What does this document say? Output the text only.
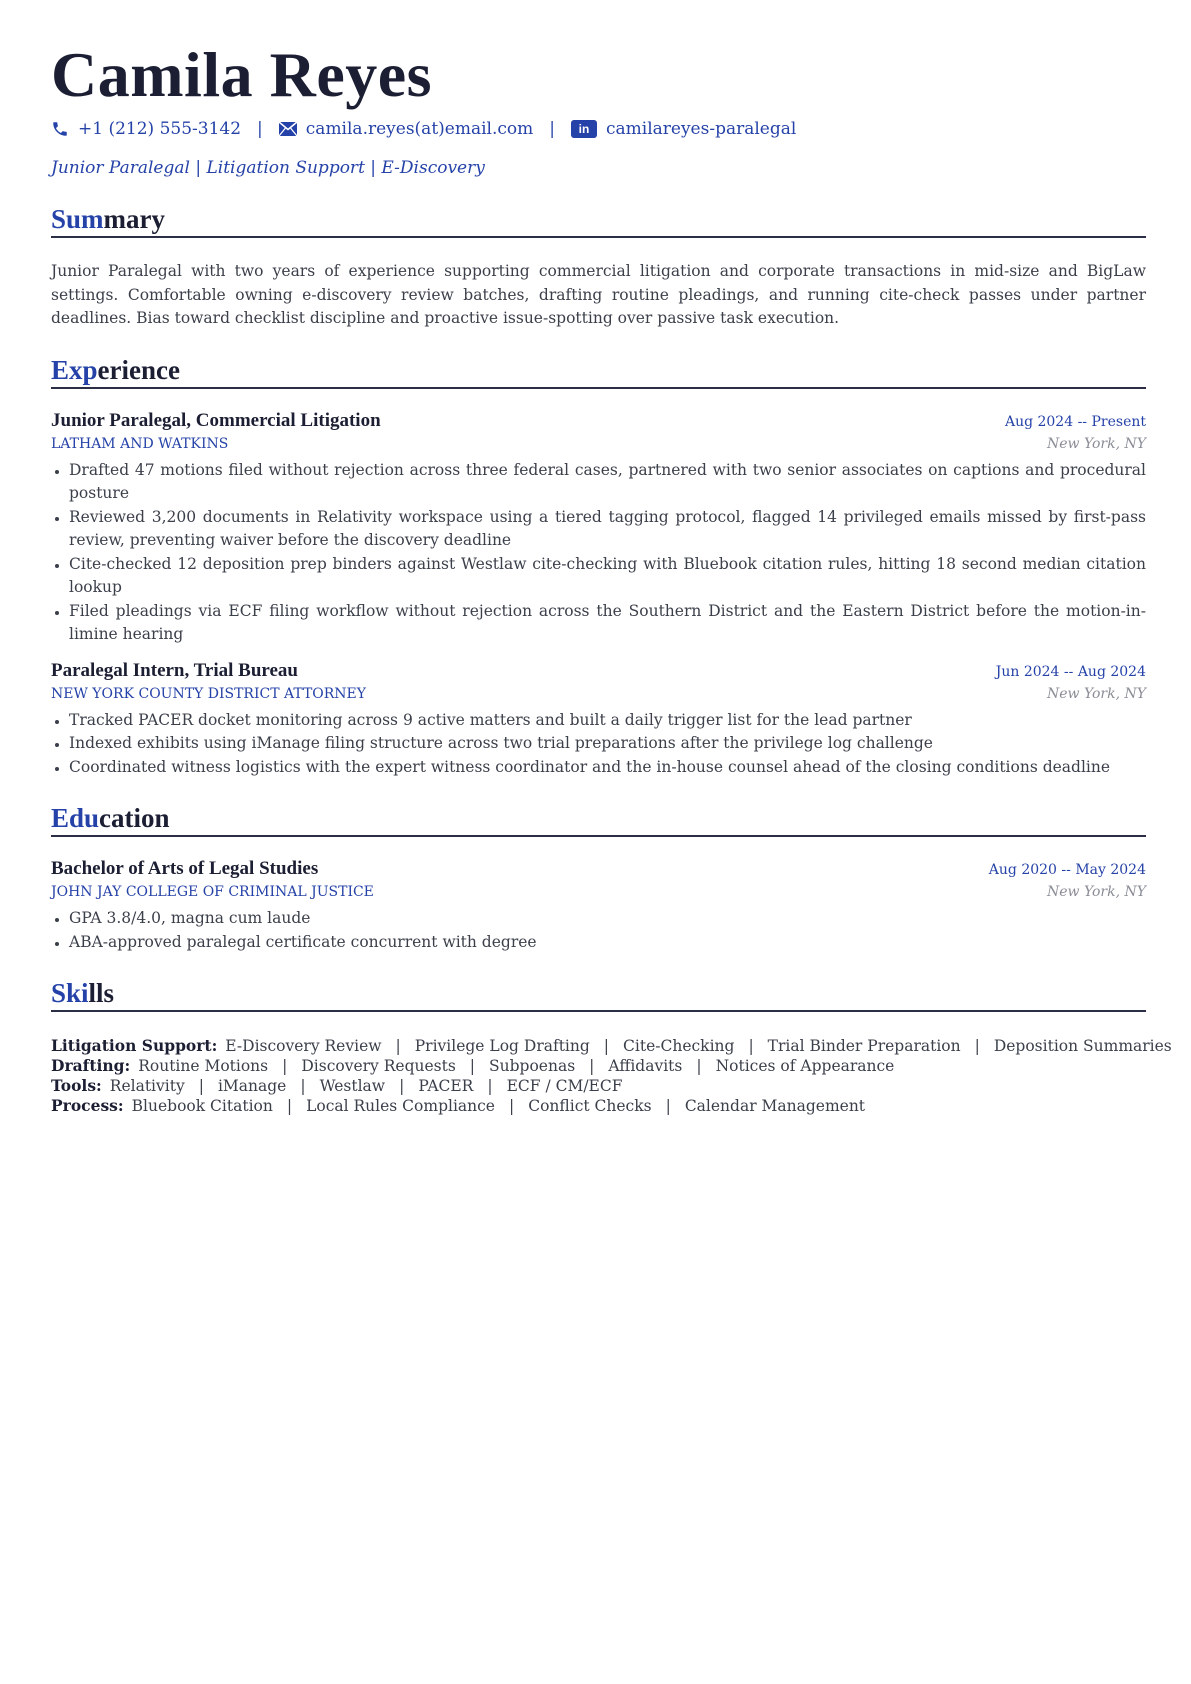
Camila Reyes
+1 (212) 555-3142 |	camila.reyes(at)email.com | in camilareyes-paralegal
Junior Paralegal | Litigation Support | E-Discovery
Summary
Junior Paralegal with two years of experience supporting commercial litigation and corporate transactions in mid-size and BigLaw settings. Comfortable owning e-discovery review batches, drafting routine pleadings, and running cite-check passes under partner deadlines. Bias toward checklist discipline and proactive issue-spotting over passive task execution.
Experience
Junior Paralegal, Commercial Litigation	Aug 2024 -- Present
LATHAM AND WATKINS	New York, NY
• Drafted 47 motions filed without rejection across three federal cases, partnered with two senior associates on captions and procedural posture
• Reviewed 3,200 documents in Relativity workspace using a tiered tagging protocol, flagged 14 privileged emails missed by first-pass review, preventing waiver before the discovery deadline
• Cite-checked 12 deposition prep binders against Westlaw cite-checking with Bluebook citation rules, hitting 18 second median citation lookup
• Filed pleadings via ECF filing workflow without rejection across the Southern District and the Eastern District before the motion-in-limine hearing
Paralegal Intern, Trial Bureau	Jun 2024 -- Aug 2024
NEW YORK COUNTY DISTRICT ATTORNEY	New York, NY
• Tracked PACER docket monitoring across 9 active matters and built a daily trigger list for the lead partner
• Indexed exhibits using iManage filing structure across two trial preparations after the privilege log challenge
• Coordinated witness logistics with the expert witness coordinator and the in-house counsel ahead of the closing conditions deadline
Education
Bachelor of Arts of Legal Studies	Aug 2020 -- May 2024
JOHN JAY COLLEGE OF CRIMINAL JUSTICE	New York, NY
• GPA 3.8/4.0, magna cum laude
• ABA-approved paralegal certificate concurrent with degree
Skills
Litigation Support: E-Discovery Review | Privilege Log Drafting | Cite-Checking | Trial Binder Preparation | Deposition Summaries
Drafting: Routine Motions | Discovery Requests | Subpoenas | Affidavits | Notices of Appearance
Tools: Relativity | iManage | Westlaw | PACER | ECF / CM/ECF
Process: Bluebook Citation | Local Rules Compliance | Conflict Checks | Calendar Management
